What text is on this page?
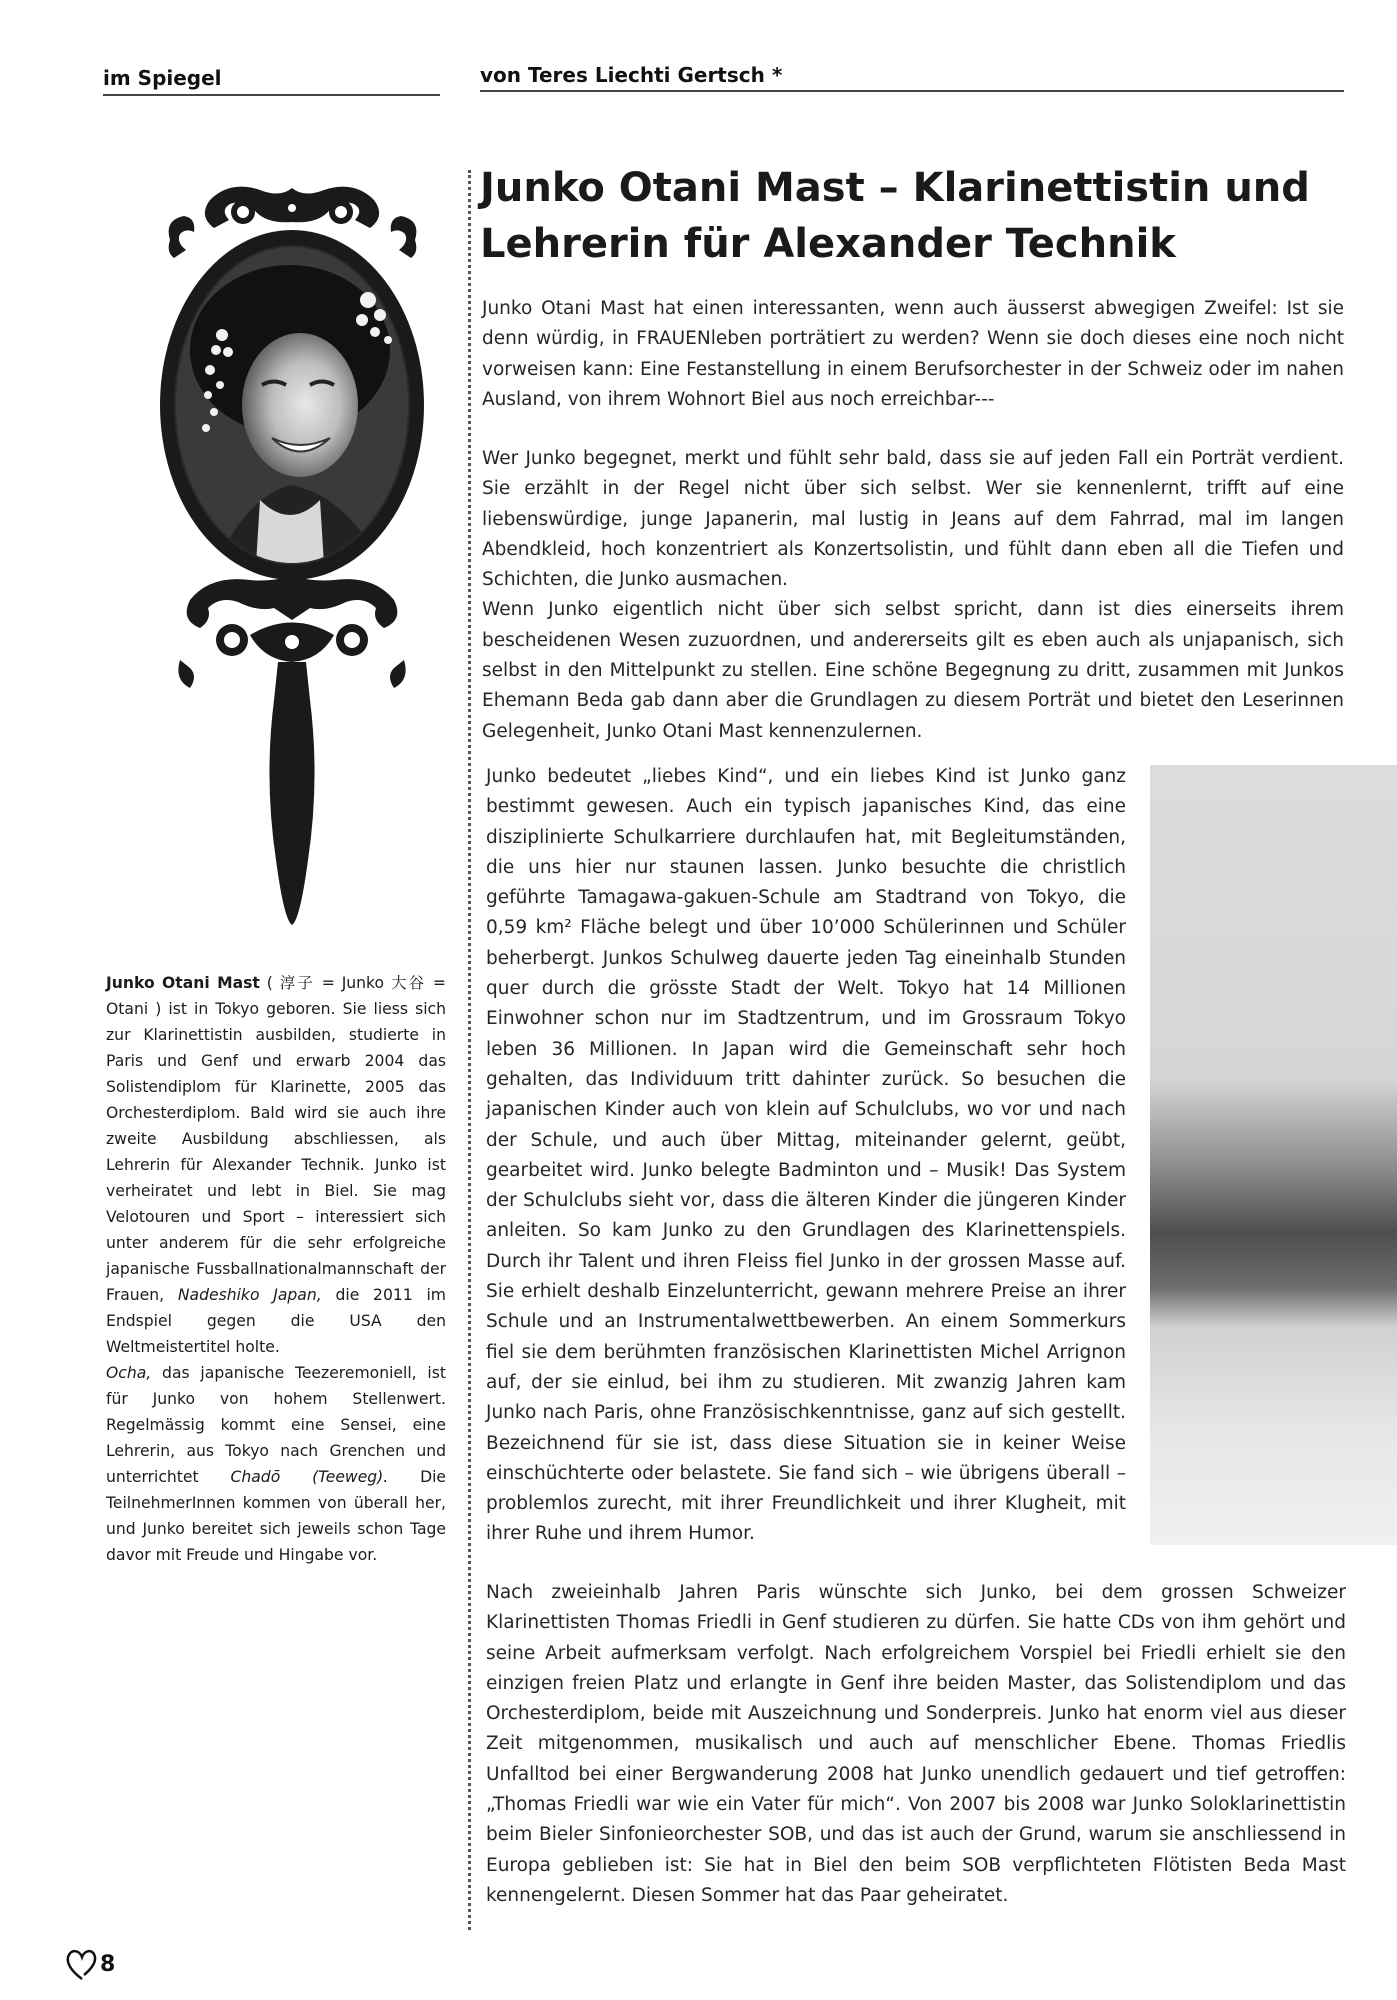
im Spiegel	von Teres Liechti Gertsch *

Junko Otani Mast ( 淳子 = Junko 大谷 = Otani ) ist in Tokyo geboren. Sie liess sich zur Klarinettistin ausbilden, studierte in Paris und Genf und erwarb 2004 das Solistendiplom für Klarinette, 2005 das Orchesterdiplom. Bald wird sie auch ihre zweite Ausbildung abschliessen, als Lehrerin für Alexander Technik. Junko ist verheiratet und lebt in Biel. Sie mag Velotouren und Sport – interessiert sich unter anderem für die sehr erfolgreiche japanische Fussballnationalmannschaft der Frauen, Nadeshiko Japan, die 2011 im Endspiel gegen die USA den Weltmeistertitel holte.

Ocha, das japanische Teezeremoniell, ist für Junko von hohem Stellenwert. Regelmässig kommt eine Sensei, eine Lehrerin, aus Tokyo nach Grenchen und unterrichtet Chadō (Teeweg). Die TeilnehmerInnen kommen von überall her, und Junko bereitet sich jeweils schon Tage davor mit Freude und Hingabe vor.

Junko Otani Mast – Klarinettistin und
Lehrerin für Alexander Technik

Junko Otani Mast hat einen interessanten, wenn auch äusserst abwegigen Zweifel: Ist sie denn würdig, in FRAUENleben porträtiert zu werden? Wenn sie doch dieses eine noch nicht vorweisen kann: Eine Festanstellung in einem Berufsorchester in der Schweiz oder im nahen Ausland, von ihrem Wohnort Biel aus noch erreichbar---

Wer Junko begegnet, merkt und fühlt sehr bald, dass sie auf jeden Fall ein Porträt verdient. Sie erzählt in der Regel nicht über sich selbst. Wer sie kennenlernt, trifft auf eine liebenswürdige, junge Japanerin, mal lustig in Jeans auf dem Fahrrad, mal im langen Abendkleid, hoch konzentriert als Konzertsolistin, und fühlt dann eben all die Tiefen und Schichten, die Junko ausmachen.

Wenn Junko eigentlich nicht über sich selbst spricht, dann ist dies einerseits ihrem bescheidenen Wesen zuzuordnen, und andererseits gilt es eben auch als unjapanisch, sich selbst in den Mittelpunkt zu stellen. Eine schöne Begegnung zu dritt, zusammen mit Junkos Ehemann Beda gab dann aber die Grundlagen zu diesem Porträt und bietet den Leserinnen Gelegenheit, Junko Otani Mast kennenzulernen.

Junko bedeutet „liebes Kind“, und ein liebes Kind ist Junko ganz bestimmt gewesen. Auch ein typisch japanisches Kind, das eine disziplinierte Schulkarriere durchlaufen hat, mit Begleitumständen, die uns hier nur staunen lassen. Junko besuchte die christlich geführte Tamagawa-gakuen-Schule am Stadtrand von Tokyo, die 0,59 km² Fläche belegt und über 10’000 Schülerinnen und Schüler beherbergt. Junkos Schulweg dauerte jeden Tag eineinhalb Stunden quer durch die grösste Stadt der Welt. Tokyo hat 14 Millionen Einwohner schon nur im Stadtzentrum, und im Grossraum Tokyo leben 36 Millionen. In Japan wird die Gemeinschaft sehr hoch gehalten, das Individuum tritt dahinter zurück. So besuchen die japanischen Kinder auch von klein auf Schulclubs, wo vor und nach der Schule, und auch über Mittag, miteinander gelernt, geübt, gearbeitet wird. Junko belegte Badminton und – Musik! Das System der Schulclubs sieht vor, dass die älteren Kinder die jüngeren Kinder anleiten. So kam Junko zu den Grundlagen des Klarinettenspiels. Durch ihr Talent und ihren Fleiss fiel Junko in der grossen Masse auf. Sie erhielt deshalb Einzelunterricht, gewann mehrere Preise an ihrer Schule und an Instrumentalwettbewerben. An einem Sommerkurs fiel sie dem berühmten französischen Klarinettisten Michel Arrignon auf, der sie einlud, bei ihm zu studieren. Mit zwanzig Jahren kam Junko nach Paris, ohne Französischkenntnisse, ganz auf sich gestellt. Bezeichnend für sie ist, dass diese Situation sie in keiner Weise einschüchterte oder belastete. Sie fand sich – wie übrigens überall – problemlos zurecht, mit ihrer Freundlichkeit und ihrer Klugheit, mit ihrer Ruhe und ihrem Humor.

Nach zweieinhalb Jahren Paris wünschte sich Junko, bei dem grossen Schweizer Klarinettisten Thomas Friedli in Genf studieren zu dürfen. Sie hatte CDs von ihm gehört und seine Arbeit aufmerksam verfolgt. Nach erfolgreichem Vorspiel bei Friedli erhielt sie den einzigen freien Platz und erlangte in Genf ihre beiden Master, das Solistendiplom und das Orchesterdiplom, beide mit Auszeichnung und Sonderpreis. Junko hat enorm viel aus dieser Zeit mitgenommen, musikalisch und auch auf menschlicher Ebene. Thomas Friedlis Unfalltod bei einer Bergwanderung 2008 hat Junko unendlich gedauert und tief getroffen: „Thomas Friedli war wie ein Vater für mich“. Von 2007 bis 2008 war Junko Soloklarinettistin beim Bieler Sinfonieorchester SOB, und das ist auch der Grund, warum sie anschliessend in Europa geblieben ist: Sie hat in Biel den beim SOB verpflichteten Flötisten Beda Mast kennengelernt. Diesen Sommer hat das Paar geheiratet.

8
